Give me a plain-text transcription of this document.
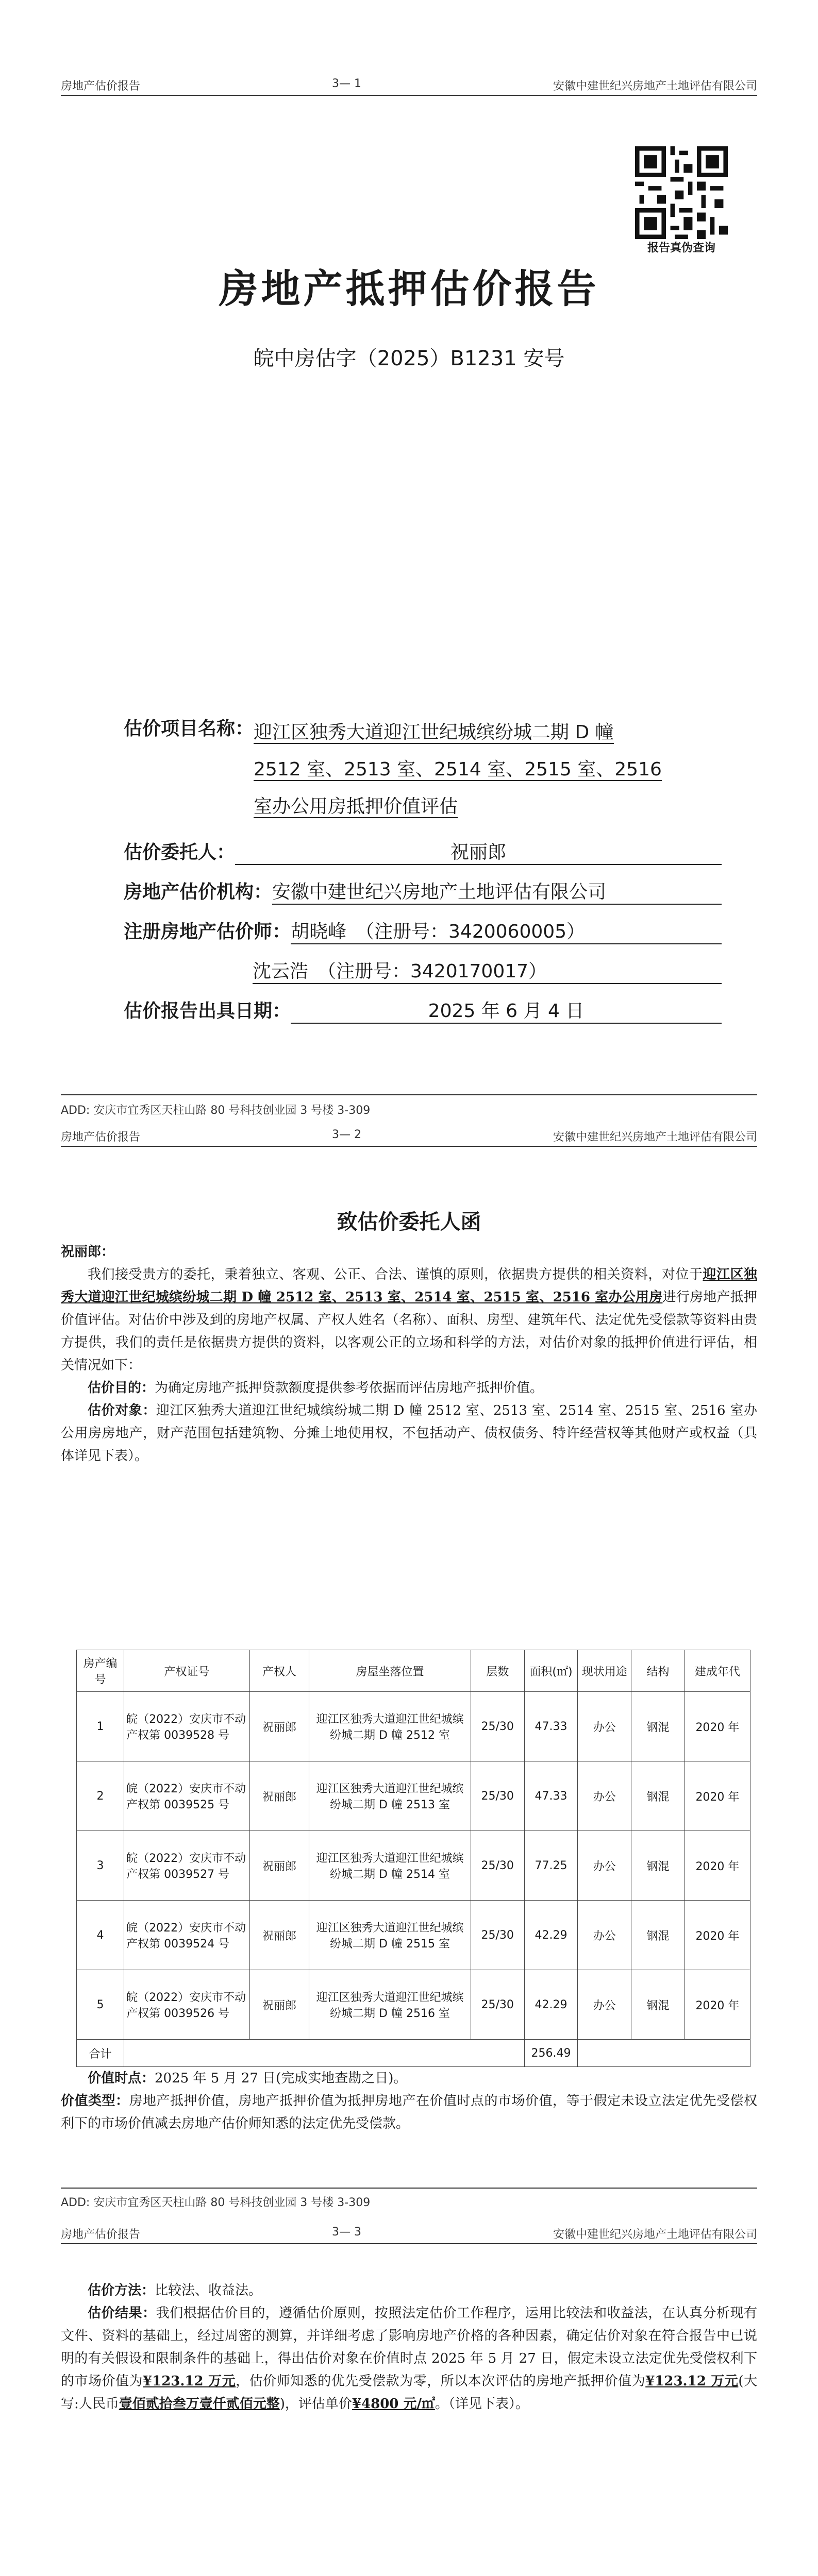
房地产估价报告	3— 1	安徽中建世纪兴房地产土地评估有限公司
报告真伪查询
房地产抵押估价报告
皖中房估字（2025）B1231 安号
估价项目名称： 迎江区独秀大道迎江世纪城缤纷城二期 D 幢
2512 室、2513 室、2514 室、2515 室、2516
室办公用房抵押价值评估
估价委托人：	祝丽郎
房地产估价机构： 安徽中建世纪兴房地产土地评估有限公司
注册房地产估价师： 胡晓峰　（注册号：3420060005）
沈云浩　（注册号：3420170017）
估价报告出具日期：	2025 年 6 月 4 日
ADD: 安庆市宜秀区天柱山路 80 号科技创业园 3 号楼 3-309
房地产估价报告	3— 2	安徽中建世纪兴房地产土地评估有限公司
致估价委托人函

祝丽郎：

我们接受贵方的委托，秉着独立、客观、公正、合法、谨慎的原则，依据贵方提供的相关资料，对位于迎江区独秀大道迎江世纪城缤纷城二期 D 幢 2512 室、2513 室、2514 室、2515 室、2516 室办公用房进行房地产抵押价值评估。对估价中涉及到的房地产权属、产权人姓名（名称）、面积、房型、建筑年代、法定优先受偿款等资料由贵方提供，我们的责任是依据贵方提供的资料，以客观公正的立场和科学的方法，对估价对象的抵押价值进行评估，相关情况如下：

估价目的：为确定房地产抵押贷款额度提供参考依据而评估房地产抵押价值。

估价对象：迎江区独秀大道迎江世纪城缤纷城二期 D 幢 2512 室、2513 室、2514 室、2515 室、2516 室办公用房房地产，财产范围包括建筑物、分摊土地使用权，不包括动产、债权债务、特许经营权等其他财产或权益（具体详见下表）。

房产编号	产权证号	产权人	房屋坐落位置	层数	面积(㎡)	现状用途	结构	建成年代
1	皖（2022）安庆市不动产权第 0039528 号	祝丽郎	迎江区独秀大道迎江世纪城缤纷城二期 D 幢 2512 室	25/30	47.33	办公	钢混	2020 年
2	皖（2022）安庆市不动产权第 0039525 号	祝丽郎	迎江区独秀大道迎江世纪城缤纷城二期 D 幢 2513 室	25/30	47.33	办公	钢混	2020 年
3	皖（2022）安庆市不动产权第 0039527 号	祝丽郎	迎江区独秀大道迎江世纪城缤纷城二期 D 幢 2514 室	25/30	77.25	办公	钢混	2020 年
4	皖（2022）安庆市不动产权第 0039524 号	祝丽郎	迎江区独秀大道迎江世纪城缤纷城二期 D 幢 2515 室	25/30	42.29	办公	钢混	2020 年
5	皖（2022）安庆市不动产权第 0039526 号	祝丽郎	迎江区独秀大道迎江世纪城缤纷城二期 D 幢 2516 室	25/30	42.29	办公	钢混	2020 年
合计					256.49			

价值时点：2025 年 5 月 27 日(完成实地查勘之日)。

价值类型：房地产抵押价值，房地产抵押价值为抵押房地产在价值时点的市场价值，等于假定未设立法定优先受偿权利下的市场价值减去房地产估价师知悉的法定优先受偿款。

ADD: 安庆市宜秀区天柱山路 80 号科技创业园 3 号楼 3-309
房地产估价报告	3— 3	安徽中建世纪兴房地产土地评估有限公司

估价方法：比较法、收益法。

估价结果：我们根据估价目的，遵循估价原则，按照法定估价工作程序，运用比较法和收益法，在认真分析现有文件、资料的基础上，经过周密的测算，并详细考虑了影响房地产价格的各种因素，确定估价对象在符合报告中已说明的有关假设和限制条件的基础上，得出估价对象在价值时点 2025 年 5 月 27 日，假定未设立法定优先受偿权利下的市场价值为¥123.12 万元，估价师知悉的优先受偿款为零，所以本次评估的房地产抵押价值为¥123.12 万元(大写:人民币壹佰贰拾叁万壹仟贰佰元整)，评估单价¥4800 元/㎡。（详见下表）。
